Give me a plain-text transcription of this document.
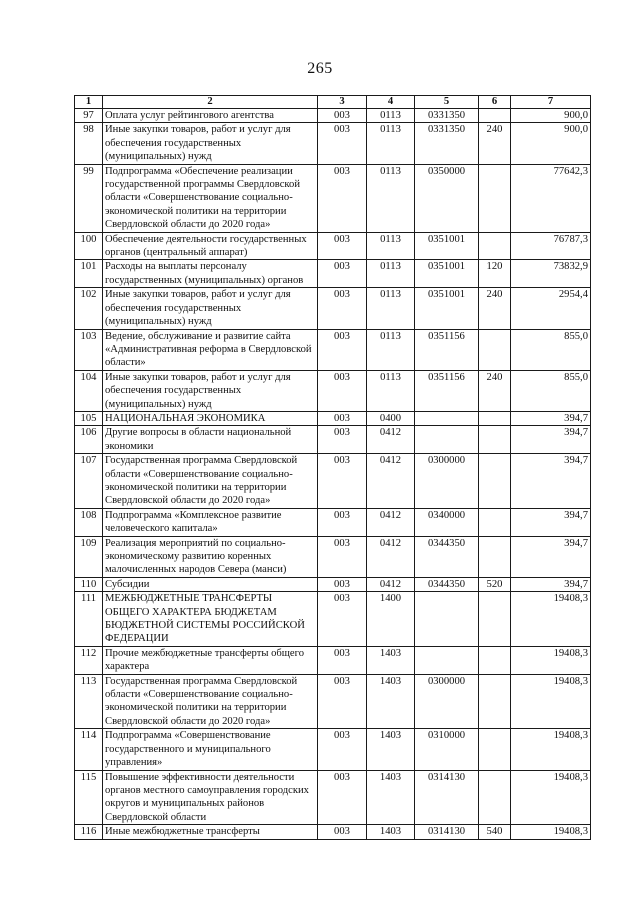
265
1	2	3	4	5	6	7
97	Оплата услуг рейтингового агентства	003	0113	0331350		900,0
98	Иные закупки товаров, работ и услуг для обеспечения государственных (муниципальных) нужд	003	0113	0331350	240	900,0
99	Подпрограмма «Обеспечение реализации государственной программы Свердловской области «Совершенствование социально-экономической политики на территории Свердловской области до 2020 года»	003	0113	0350000		77642,3
100	Обеспечение деятельности государственных органов (центральный аппарат)	003	0113	0351001		76787,3
101	Расходы на выплаты персоналу государственных (муниципальных) органов	003	0113	0351001	120	73832,9
102	Иные закупки товаров, работ и услуг для обеспечения государственных (муниципальных) нужд	003	0113	0351001	240	2954,4
103	Ведение, обслуживание и развитие сайта «Административная реформа в Свердловской области»	003	0113	0351156		855,0
104	Иные закупки товаров, работ и услуг для обеспечения государственных (муниципальных) нужд	003	0113	0351156	240	855,0
105	НАЦИОНАЛЬНАЯ ЭКОНОМИКА	003	0400			394,7
106	Другие вопросы в области национальной экономики	003	0412			394,7
107	Государственная программа Свердловской области «Совершенствование социально-экономической политики на территории Свердловской области до 2020 года»	003	0412	0300000		394,7
108	Подпрограмма «Комплексное развитие человеческого капитала»	003	0412	0340000		394,7
109	Реализация мероприятий по социально-экономическому развитию коренных малочисленных народов Севера (манси)	003	0412	0344350		394,7
110	Субсидии	003	0412	0344350	520	394,7
111	МЕЖБЮДЖЕТНЫЕ ТРАНСФЕРТЫ ОБЩЕГО ХАРАКТЕРА БЮДЖЕТАМ БЮДЖЕТНОЙ СИСТЕМЫ РОССИЙСКОЙ ФЕДЕРАЦИИ	003	1400			19408,3
112	Прочие межбюджетные трансферты общего характера	003	1403			19408,3
113	Государственная программа Свердловской области «Совершенствование социально-экономической политики на территории Свердловской области до 2020 года»	003	1403	0300000		19408,3
114	Подпрограмма «Совершенствование государственного и муниципального управления»	003	1403	0310000		19408,3
115	Повышение эффективности деятельности органов местного самоуправления городских округов и муниципальных районов Свердловской области	003	1403	0314130		19408,3
116	Иные межбюджетные трансферты	003	1403	0314130	540	19408,3
